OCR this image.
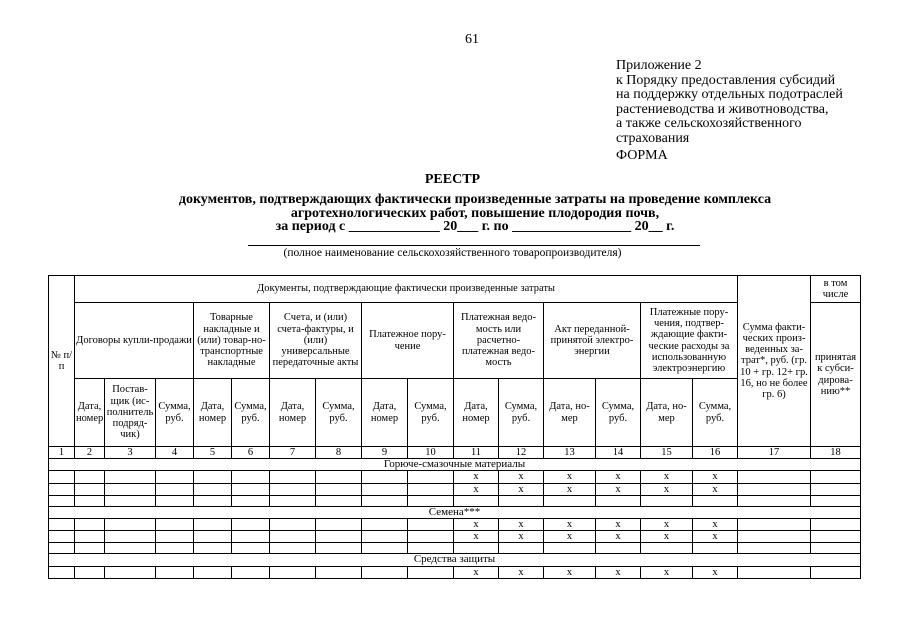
61
Приложение 2
к Порядку предоставления субсидий
на поддержку отдельных подотраслей
растениеводства и животноводства,
а также сельскохозяйственного
страхования
ФОРМА
РЕЕСТР
документов, подтверждающих фактически произведенные затраты на проведение комплекса
агротехнологических работ, повышение плодородия почв,
за период с _____________ 20___ г. по _________________ 20__ г.
(полное наименование сельскохозяйственного товаропроизводителя)
№ п/п	Документы, подтверждающие фактически произведенные затраты															Сумма факти-ческих произ-веденных за-трат*, руб. (гр. 10 + гр. 12+ гр. 16, но не более гр. 6)	в том числе
	Договоры купли-продажи			Товарные накладные и (или) товар-но-транспортные накладные		Счета, и (или) счета-фактуры, и (или) универсальные передаточные акты		Платежное пору-чение		Платежная ведо-мость или расчетно-платежная ведо-мость		Акт переданной-принятой электро-энергии		Платежные пору-чения, подтвер-ждающие факти-ческие расходы за использованную электроэнергию			принятая к субси-дирова-нию**
	Дата, номер	Постав-щик (ис-полнитель подряд-чик)	Сумма, руб.	Дата, номер	Сумма, руб.	Дата, номер	Сумма, руб.	Дата, номер	Сумма, руб.	Дата, номер	Сумма, руб.	Дата, но-мер	Сумма, руб.	Дата, но-мер	Сумма, руб.		
1	2	3	4	5	6	7	8	9	10	11	12	13	14	15	16	17	18
Горюче-смазочные материалы																	
										x	x	x	x	x	x		
										x	x	x	x	x	x		

Семена***																	
										x	x	x	x	x	x		
										x	x	x	x	x	x		

Средства защиты																	
										x	x	x	x	x	x		
